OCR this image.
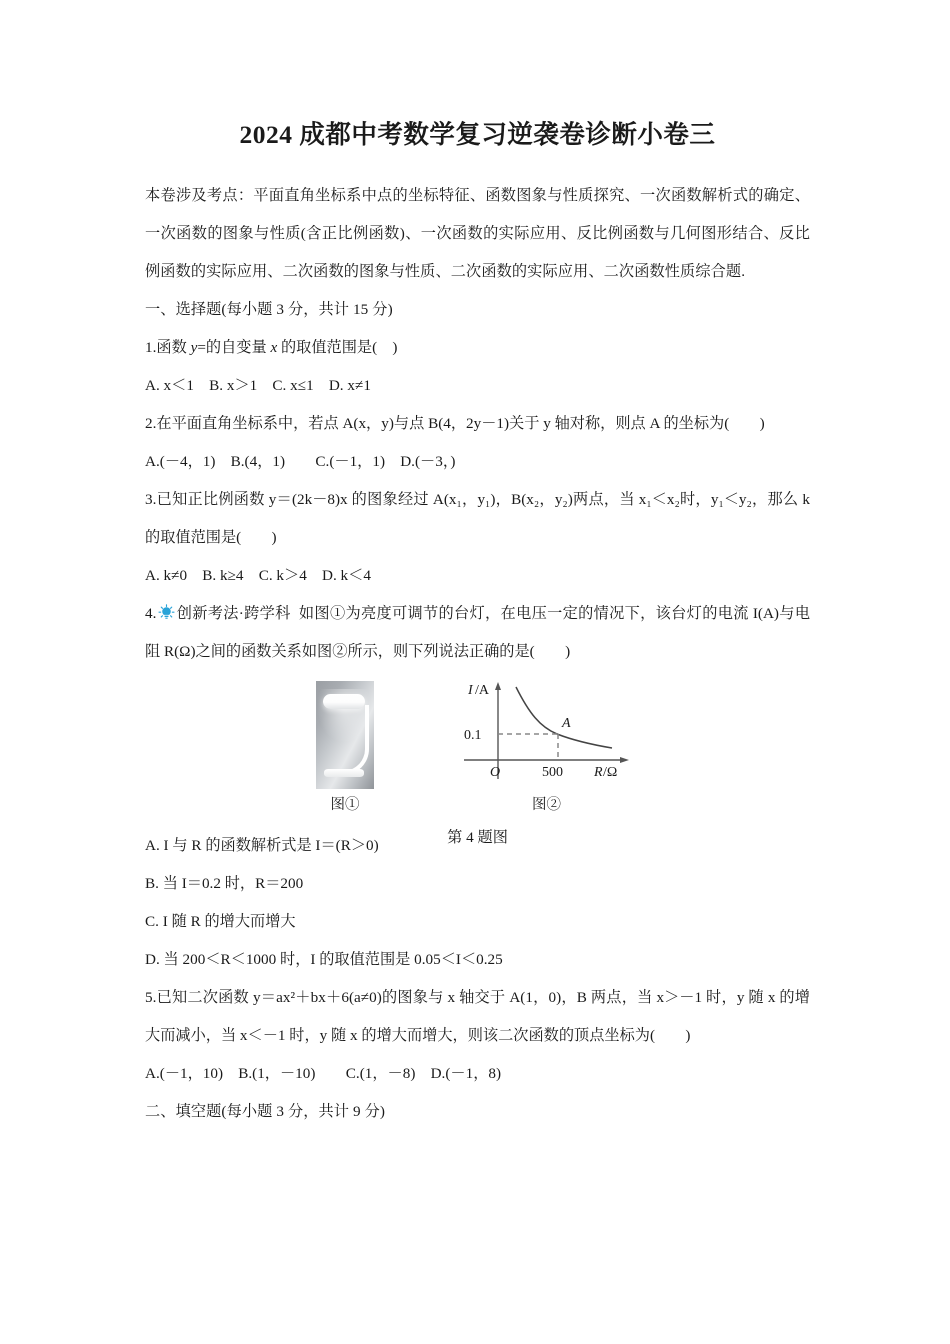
2024 成都中考数学复习逆袭卷诊断小卷三

本卷涉及考点：平面直角坐标系中点的坐标特征、函数图象与性质探究、一次函数解析式的确定、 一次函数的图象与性质(含正比例函数)、一次函数的实际应用、反比例函数与几何图形结合、反比例函数的实际应用、二次函数的图象与性质、二次函数的实际应用、二次函数性质综合题.

一、选择题(每小题 3 分，共计 15 分)

1.函数 y=的自变量 x 的取值范围是( )

A. x＜1　B. x＞1　C. x≤1　D. x≠1

2.在平面直角坐标系中，若点 A(x，y)与点 B(4，2y－1)关于 y 轴对称，则点 A 的坐标为(　　)

A.(－4，1)　B.(4，1)　　C.(－1，1)　D.(－3，)

3.已知正比例函数 y＝(2k－8)x 的图象经过 A(x₁，y₁)，B(x₂，y₂)两点，当 x₁＜x₂时，y₁＜y₂，那么 k 的取值范围是(　　)

A. k≠0　B. k≥4　C. k＞4　D. k＜4

4. 创新考法·跨学科 如图①为亮度可调节的台灯，在电压一定的情况下，该台灯的电流 I(A)与电阻 R(Ω)之间的函数关系如图②所示，则下列说法正确的是(　　)

图①
I /A
0.1
O	500 R /Ω
A
图②
第 4 题图

A. I 与 R 的函数解析式是 I＝(R＞0)

B. 当 I＝0.2 时，R＝200

C. I 随 R 的增大而增大

D. 当 200＜R＜1000 时，I 的取值范围是 0.05＜I＜0.25

5.已知二次函数 y＝ax²＋bx＋6(a≠0)的图象与 x 轴交于 A(1，0)，B 两点，当 x＞－1 时，y 随 x 的增大而减小，当 x＜－1 时，y 随 x 的增大而增大，则该二次函数的顶点坐标为(　　)

A.(－1，10)　B.(1，－10)　　C.(1，－8)　D.(－1，8)

二、填空题(每小题 3 分，共计 9 分)
